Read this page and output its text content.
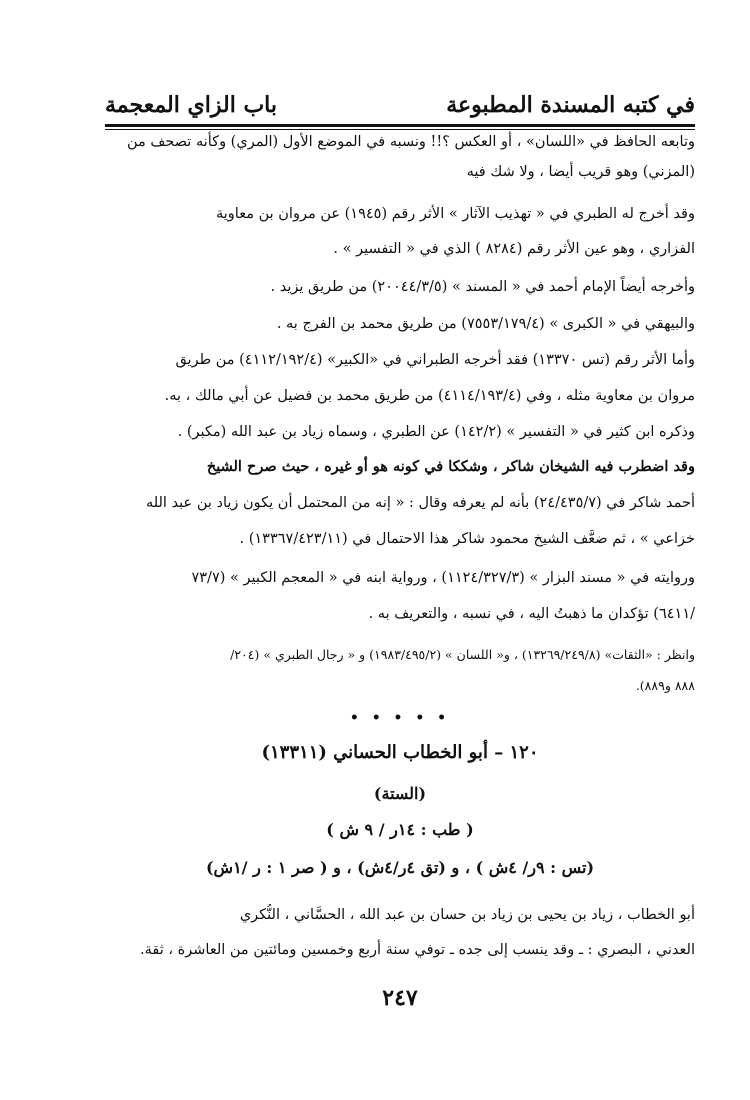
في كتبه المسندة المطبوعة
باب الزاي المعجمة
وتابعه الحافظ في «اللسان» ، أو العكس ؟!! ونسبه في الموضع الأول (المري) وكأنه تصحف من
(المزني) وهو قريب أيضا ، ولا شك فيه
وقد أخرج له الطبري في « تهذيب الآثار » الأثر رقم (١٩٤٥) عن مروان بن معاوية
الفزاري ، وهو عين الأثر رقم (٨٢٨٤ ) الذي في « التفسير » .
وأخرجه أيضاً الإمام أحمد في « المسند » (٢٠٠٤٤/٣/٥) من طريق يزيد .
والبيهقي في « الكبرى » (٧٥٥٣/١٧٩/٤) من طريق محمد بن الفرج به .
وأما الأثر رقم (تس ١٣٣٧٠) فقد أخرجه الطبراني في «الكبير» (٤١١٢/١٩٢/٤) من طريق
مروان بن معاوية مثله ، وفي (٤١١٤/١٩٣/٤) من طريق محمد بن فضيل عن أبي مالك ، به.
وذكره ابن كثير في « التفسير » (١٤٢/٢) عن الطبري ، وسماه زياد بن عبد الله (مكبر) .
وقد اضطرب فيه الشيخان شاكر ، وشككا في كونه هو أو غيره ، حيث صرح الشيخ
أحمد شاكر في (٢٤/٤٣٥/٧) بأنه لم يعرفه وقال : « إنه من المحتمل أن يكون زياد بن عبد الله
خزاعي » ، ثم ضعَّف الشيخ محمود شاكر هذا الاحتمال في (١٣٣٦٧/٤٢٣/١١) .
وروايته في « مسند البزار » (١١٢٤/٣٢٧/٣) ، ورواية ابنه في « المعجم الكبير » (٧٣/٧
/٦٤١١) تؤكدان ما ذهبتُ اليه ، في نسبه ، والتعريف به .
وانظر : «الثقات» (١٣٢٦٩/٢٤٩/٨) ، و« اللسان » (١٩٨٣/٤٩٥/٢) و « رجال الطبري » (٢٠٤/
٨٨٨ و٨٨٩).
• • • • •
١٢٠ – أبو الخطاب الحساني (١٣٣١١)
(الستة)
( طب : ١٤ر / ٩ ش )
(تس : ٩ر/ ٤ش ) ، و (تق ٤ر/٤ش) ، و ( صر ١ : ر /١ش)
أبو الخطاب ، زياد بن يحيى بن زياد بن حسان بن عبد الله ، الحسَّاني ، النُّكري
العدني ، البصري : ـ وقد ينسب إلى جده ـ توفي سنة أربع وخمسين ومائتين من العاشرة ، ثقة.
٢٤٧
